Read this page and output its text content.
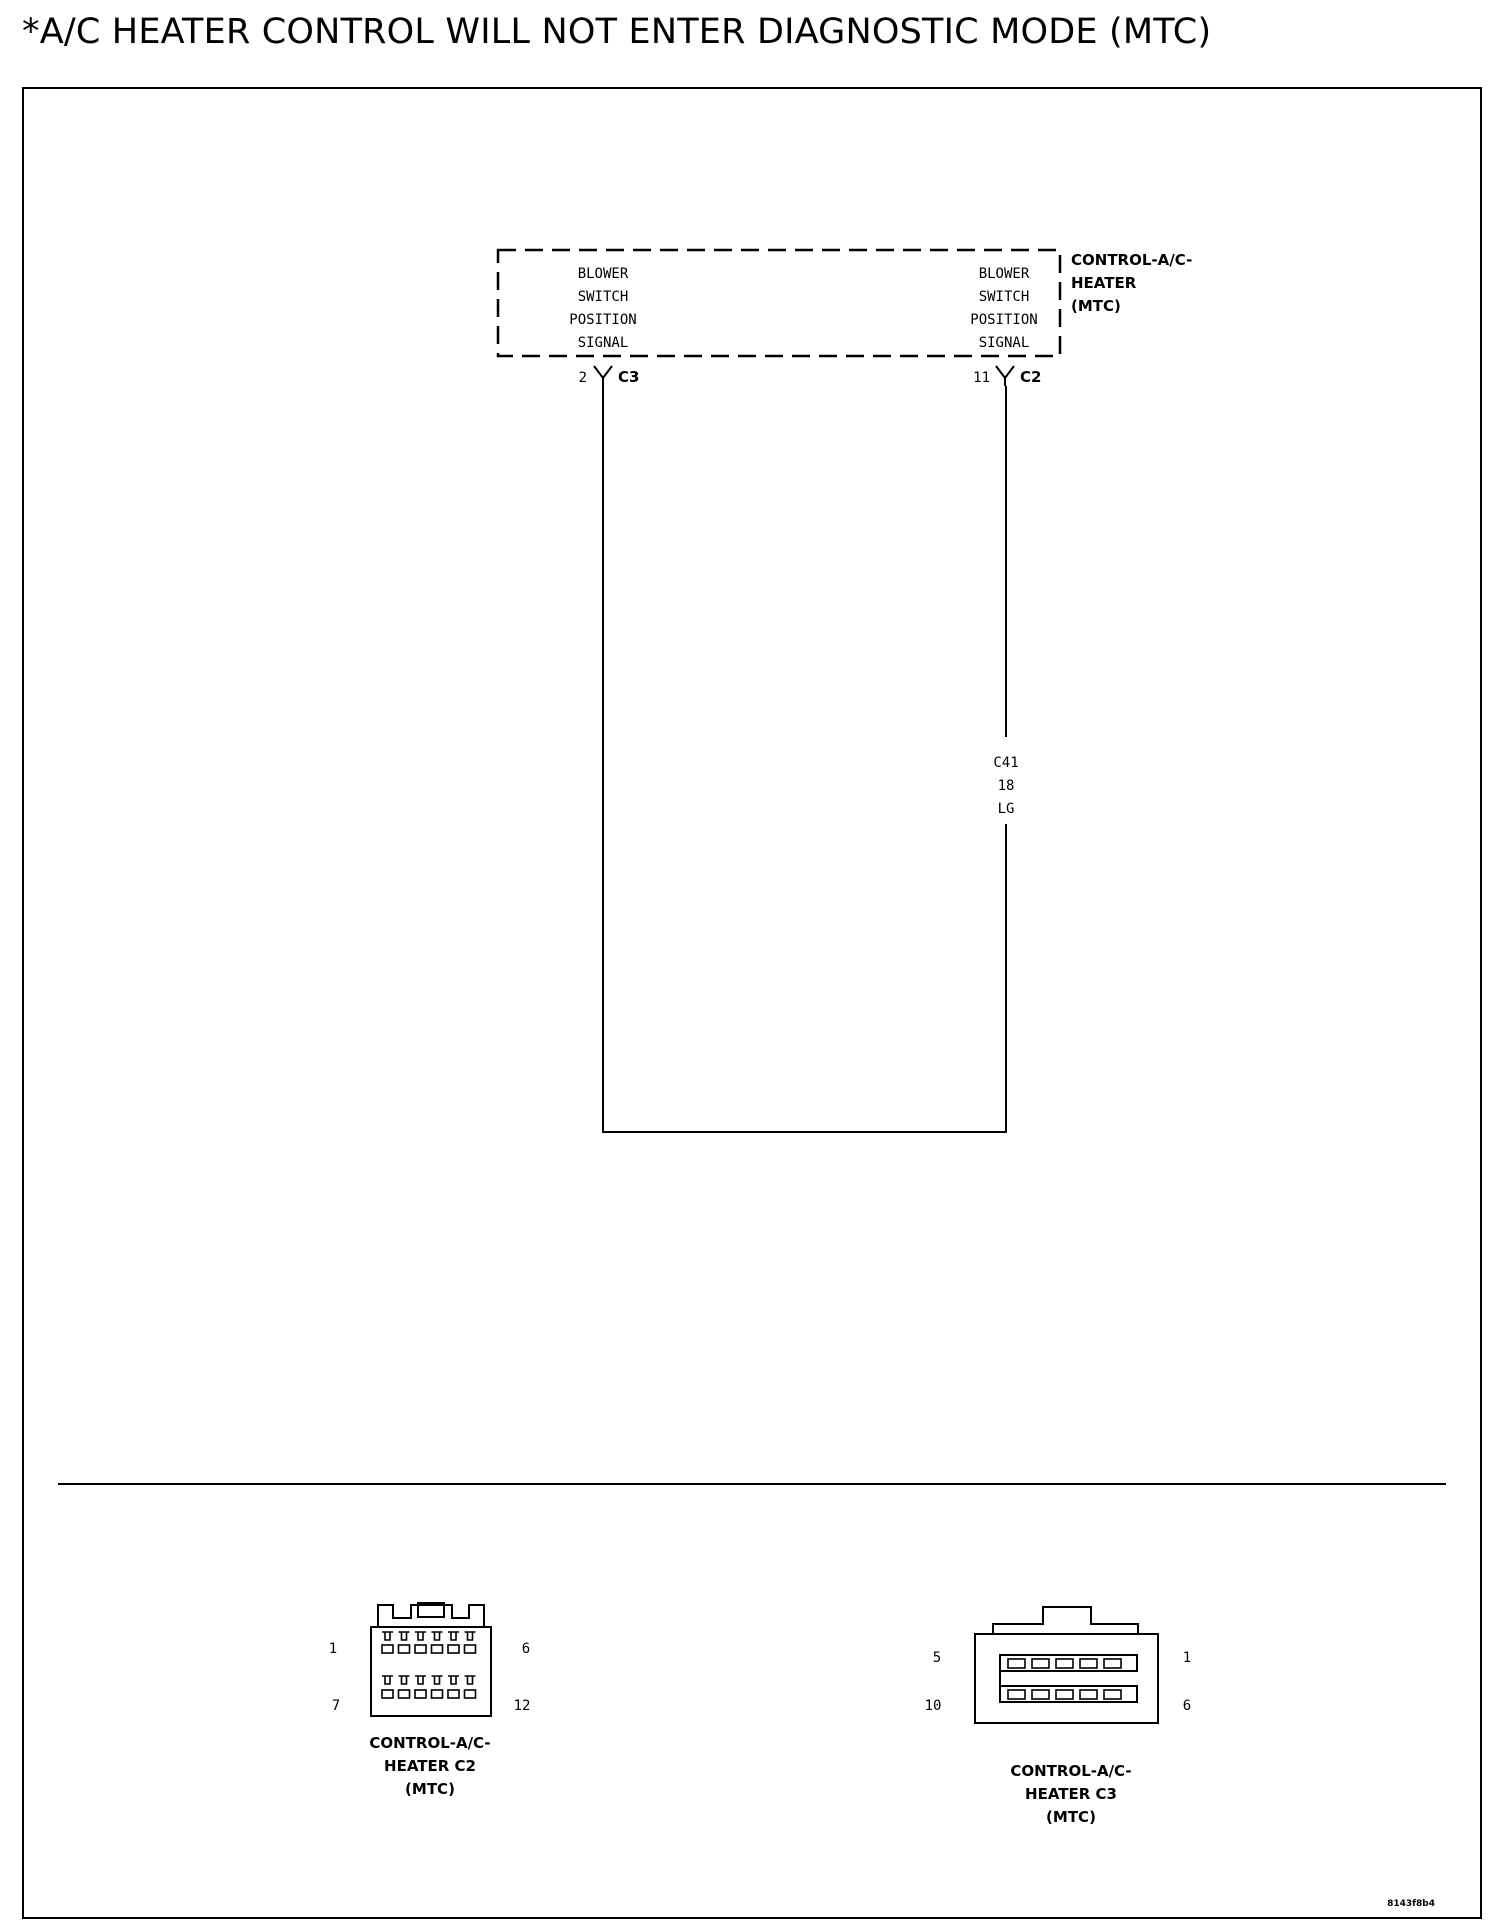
*A/C HEATER CONTROL WILL NOT ENTER DIAGNOSTIC MODE (MTC)
CONTROL-A/C-
HEATER
(MTC)
BLOWER
SWITCH
POSITION
SIGNAL
BLOWER
SWITCH
POSITION
SIGNAL
2 C3	11 C2
C41
18
LG
1	6
7	12
CONTROL-A/C-
HEATER C2
(MTC)
5	1
10	6
CONTROL-A/C-
HEATER C3
(MTC)
8143f8b4
